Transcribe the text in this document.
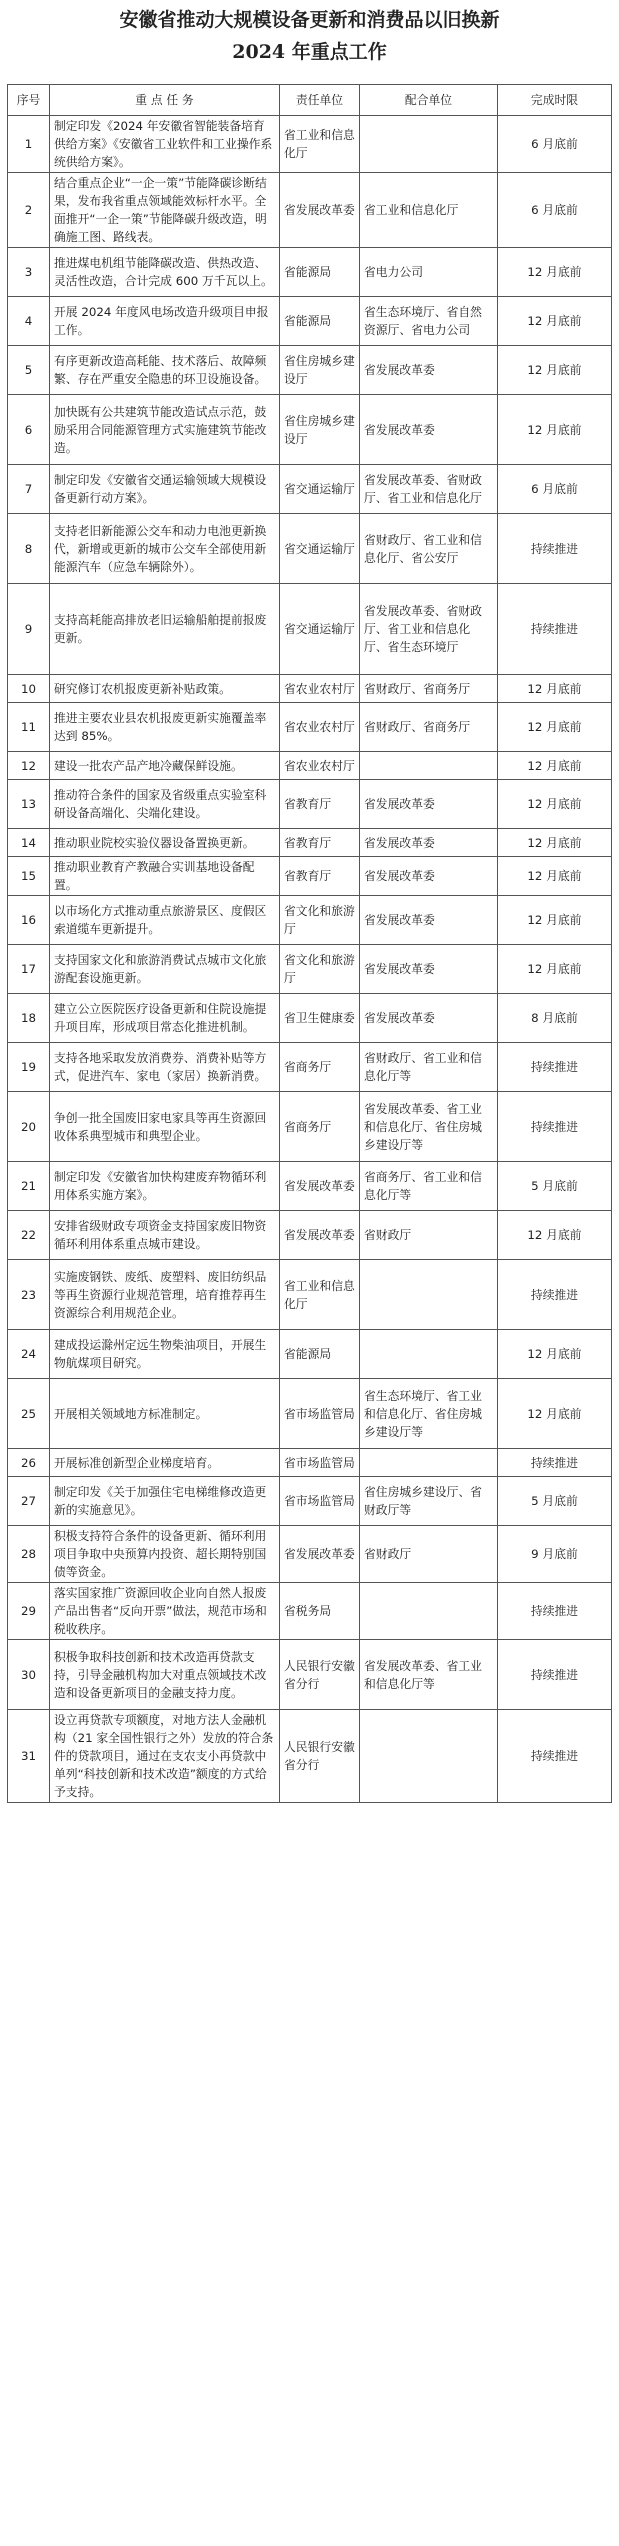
安徽省推动大规模设备更新和消费品以旧换新
2024 年重点工作
序号	重 点 任 务	责任单位	配合单位	完成时限
1	制定印发《2024 年安徽省智能装备培育供给方案》《安徽省工业软件和工业操作系统供给方案》。	省工业和信息化厅		6 月底前
2	结合重点企业“一企一策”节能降碳诊断结果，发布我省重点领域能效标杆水平。全面推开“一企一策”节能降碳升级改造，明确施工图、路线表。	省发展改革委	省工业和信息化厅	6 月底前
3	推进煤电机组节能降碳改造、供热改造、灵活性改造，合计完成 600 万千瓦以上。	省能源局	省电力公司	12 月底前
4	开展 2024 年度风电场改造升级项目申报工作。	省能源局	省生态环境厅、省自然资源厅、省电力公司	12 月底前
5	有序更新改造高耗能、技术落后、故障频繁、存在严重安全隐患的环卫设施设备。	省住房城乡建设厅	省发展改革委	12 月底前
6	加快既有公共建筑节能改造试点示范，鼓励采用合同能源管理方式实施建筑节能改造。	省住房城乡建设厅	省发展改革委	12 月底前
7	制定印发《安徽省交通运输领域大规模设备更新行动方案》。	省交通运输厅	省发展改革委、省财政厅、省工业和信息化厅	6 月底前
8	支持老旧新能源公交车和动力电池更新换代，新增或更新的城市公交车全部使用新能源汽车（应急车辆除外）。	省交通运输厅	省财政厅、省工业和信息化厅、省公安厅	持续推进
9	支持高耗能高排放老旧运输船舶提前报废更新。	省交通运输厅	省发展改革委、省财政厅、省工业和信息化厅、省生态环境厅	持续推进
10	研究修订农机报废更新补贴政策。	省农业农村厅	省财政厅、省商务厅	12 月底前
11	推进主要农业县农机报废更新实施覆盖率达到 85%。	省农业农村厅	省财政厅、省商务厅	12 月底前
12	建设一批农产品产地冷藏保鲜设施。	省农业农村厅		12 月底前
13	推动符合条件的国家及省级重点实验室科研设备高端化、尖端化建设。	省教育厅	省发展改革委	12 月底前
14	推动职业院校实验仪器设备置换更新。	省教育厅	省发展改革委	12 月底前
15	推动职业教育产教融合实训基地设备配置。	省教育厅	省发展改革委	12 月底前
16	以市场化方式推动重点旅游景区、度假区索道缆车更新提升。	省文化和旅游厅	省发展改革委	12 月底前
17	支持国家文化和旅游消费试点城市文化旅游配套设施更新。	省文化和旅游厅	省发展改革委	12 月底前
18	建立公立医院医疗设备更新和住院设施提升项目库，形成项目常态化推进机制。	省卫生健康委	省发展改革委	8 月底前
19	支持各地采取发放消费券、消费补贴等方式，促进汽车、家电（家居）换新消费。	省商务厅	省财政厅、省工业和信息化厅等	持续推进
20	争创一批全国废旧家电家具等再生资源回收体系典型城市和典型企业。	省商务厅	省发展改革委、省工业和信息化厅、省住房城乡建设厅等	持续推进
21	制定印发《安徽省加快构建废弃物循环利用体系实施方案》。	省发展改革委	省商务厅、省工业和信息化厅等	5 月底前
22	安排省级财政专项资金支持国家废旧物资循环利用体系重点城市建设。	省发展改革委	省财政厅	12 月底前
23	实施废钢铁、废纸、废塑料、废旧纺织品等再生资源行业规范管理，培育推荐再生资源综合利用规范企业。	省工业和信息化厅		持续推进
24	建成投运滁州定远生物柴油项目，开展生物航煤项目研究。	省能源局		12 月底前
25	开展相关领域地方标准制定。	省市场监管局	省生态环境厅、省工业和信息化厅、省住房城乡建设厅等	12 月底前
26	开展标准创新型企业梯度培育。	省市场监管局		持续推进
27	制定印发《关于加强住宅电梯维修改造更新的实施意见》。	省市场监管局	省住房城乡建设厅、省财政厅等	5 月底前
28	积极支持符合条件的设备更新、循环利用项目争取中央预算内投资、超长期特别国债等资金。	省发展改革委	省财政厅	9 月底前
29	落实国家推广资源回收企业向自然人报废产品出售者“反向开票”做法，规范市场和税收秩序。	省税务局		持续推进
30	积极争取科技创新和技术改造再贷款支持，引导金融机构加大对重点领域技术改造和设备更新项目的金融支持力度。	人民银行安徽省分行	省发展改革委、省工业和信息化厅等	持续推进
31	设立再贷款专项额度，对地方法人金融机构（21 家全国性银行之外）发放的符合条件的贷款项目，通过在支农支小再贷款中单列“科技创新和技术改造”额度的方式给予支持。	人民银行安徽省分行		持续推进
